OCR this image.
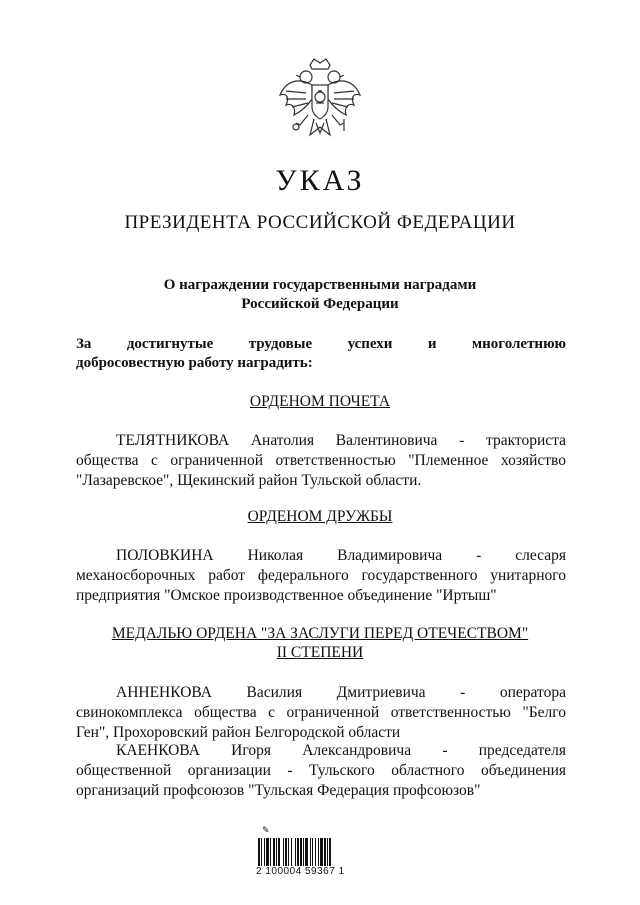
УКАЗ
ПРЕЗИДЕНТА РОССИЙСКОЙ ФЕДЕРАЦИИ
О награждении государственными наградами
Российской Федерации
За достигнутые трудовые успехи и многолетнюю
добросовестную работу наградить:
ОРДЕНОМ ПОЧЕТА
ТЕЛЯТНИКОВА Анатолия Валентиновича - тракториста
общества с ограниченной ответственностью "Племенное хозяйство
"Лазаревское", Щекинский район Тульской области.
ОРДЕНОМ ДРУЖБЫ
ПОЛОВКИНА Николая Владимировича - слесаря
механосборочных работ федерального государственного унитарного
предприятия "Омское производственное объединение "Иртыш"
МЕДАЛЬЮ ОРДЕНА "ЗА ЗАСЛУГИ ПЕРЕД ОТЕЧЕСТВОМ"
II СТЕПЕНИ
АННЕНКОВА Василия Дмитриевича - оператора
свинокомплекса общества с ограниченной ответственностью "Белго
Ген", Прохоровский район Белгородской области
КАЕНКОВА Игоря Александровича - председателя
общественной организации - Тульского областного объединения
организаций профсоюзов "Тульская Федерация профсоюзов"
✎
2 100004 59367 1
